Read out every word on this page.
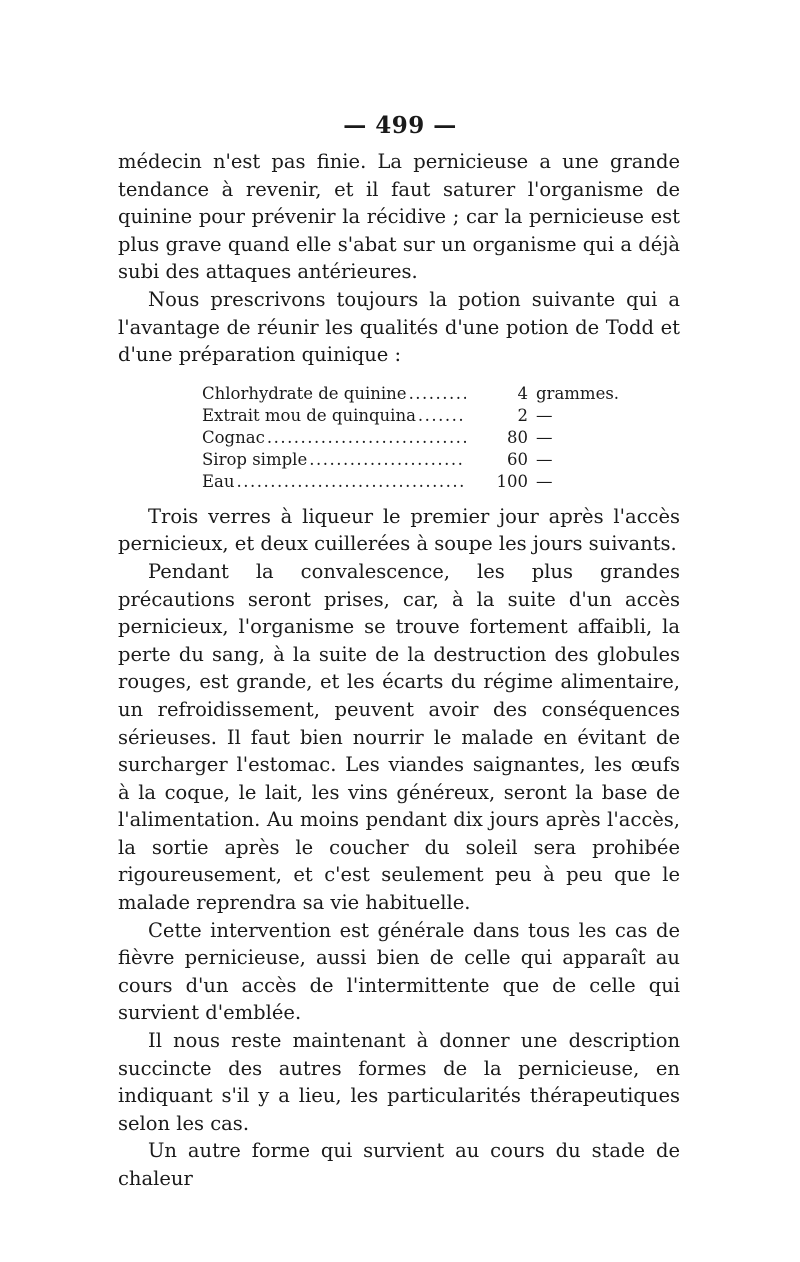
— 499 —

médecin n'est pas finie. La pernicieuse a une grande tendance à revenir, et il faut saturer l'organisme de quinine pour prévenir la récidive ; car la pernicieuse est plus grave quand elle s'abat sur un organisme qui a déjà subi des attaques antérieures.

Nous prescrivons toujours la potion suivante qui a l'avantage de réunir les qualités d'une potion de Todd et d'une préparation quinique :

Chlorhydrate de quinine .....	4 grammes.
Extrait mou de quinquina .....	2 —
Cognac .....	80 —
Sirop simple .....	60 —
Eau .....	100 —

Trois verres à liqueur le premier jour après l'accès pernicieux, et deux cuillerées à soupe les jours suivants.

Pendant la convalescence, les plus grandes précautions seront prises, car, à la suite d'un accès pernicieux, l'organisme se trouve fortement affaibli, la perte du sang, à la suite de la destruction des globules rouges, est grande, et les écarts du régime alimentaire, un refroidissement, peuvent avoir des conséquences sérieuses. Il faut bien nourrir le malade en évitant de surcharger l'estomac. Les viandes saignantes, les œufs à la coque, le lait, les vins généreux, seront la base de l'alimentation. Au moins pendant dix jours après l'accès, la sortie après le coucher du soleil sera prohibée rigoureusement, et c'est seulement peu à peu que le malade reprendra sa vie habituelle.

Cette intervention est générale dans tous les cas de fièvre pernicieuse, aussi bien de celle qui apparaît au cours d'un accès de l'intermittente que de celle qui survient d'emblée.

Il nous reste maintenant à donner une description succincte des autres formes de la pernicieuse, en indiquant s'il y a lieu, les particularités thérapeutiques selon les cas.

Un autre forme qui survient au cours du stade de chaleur
